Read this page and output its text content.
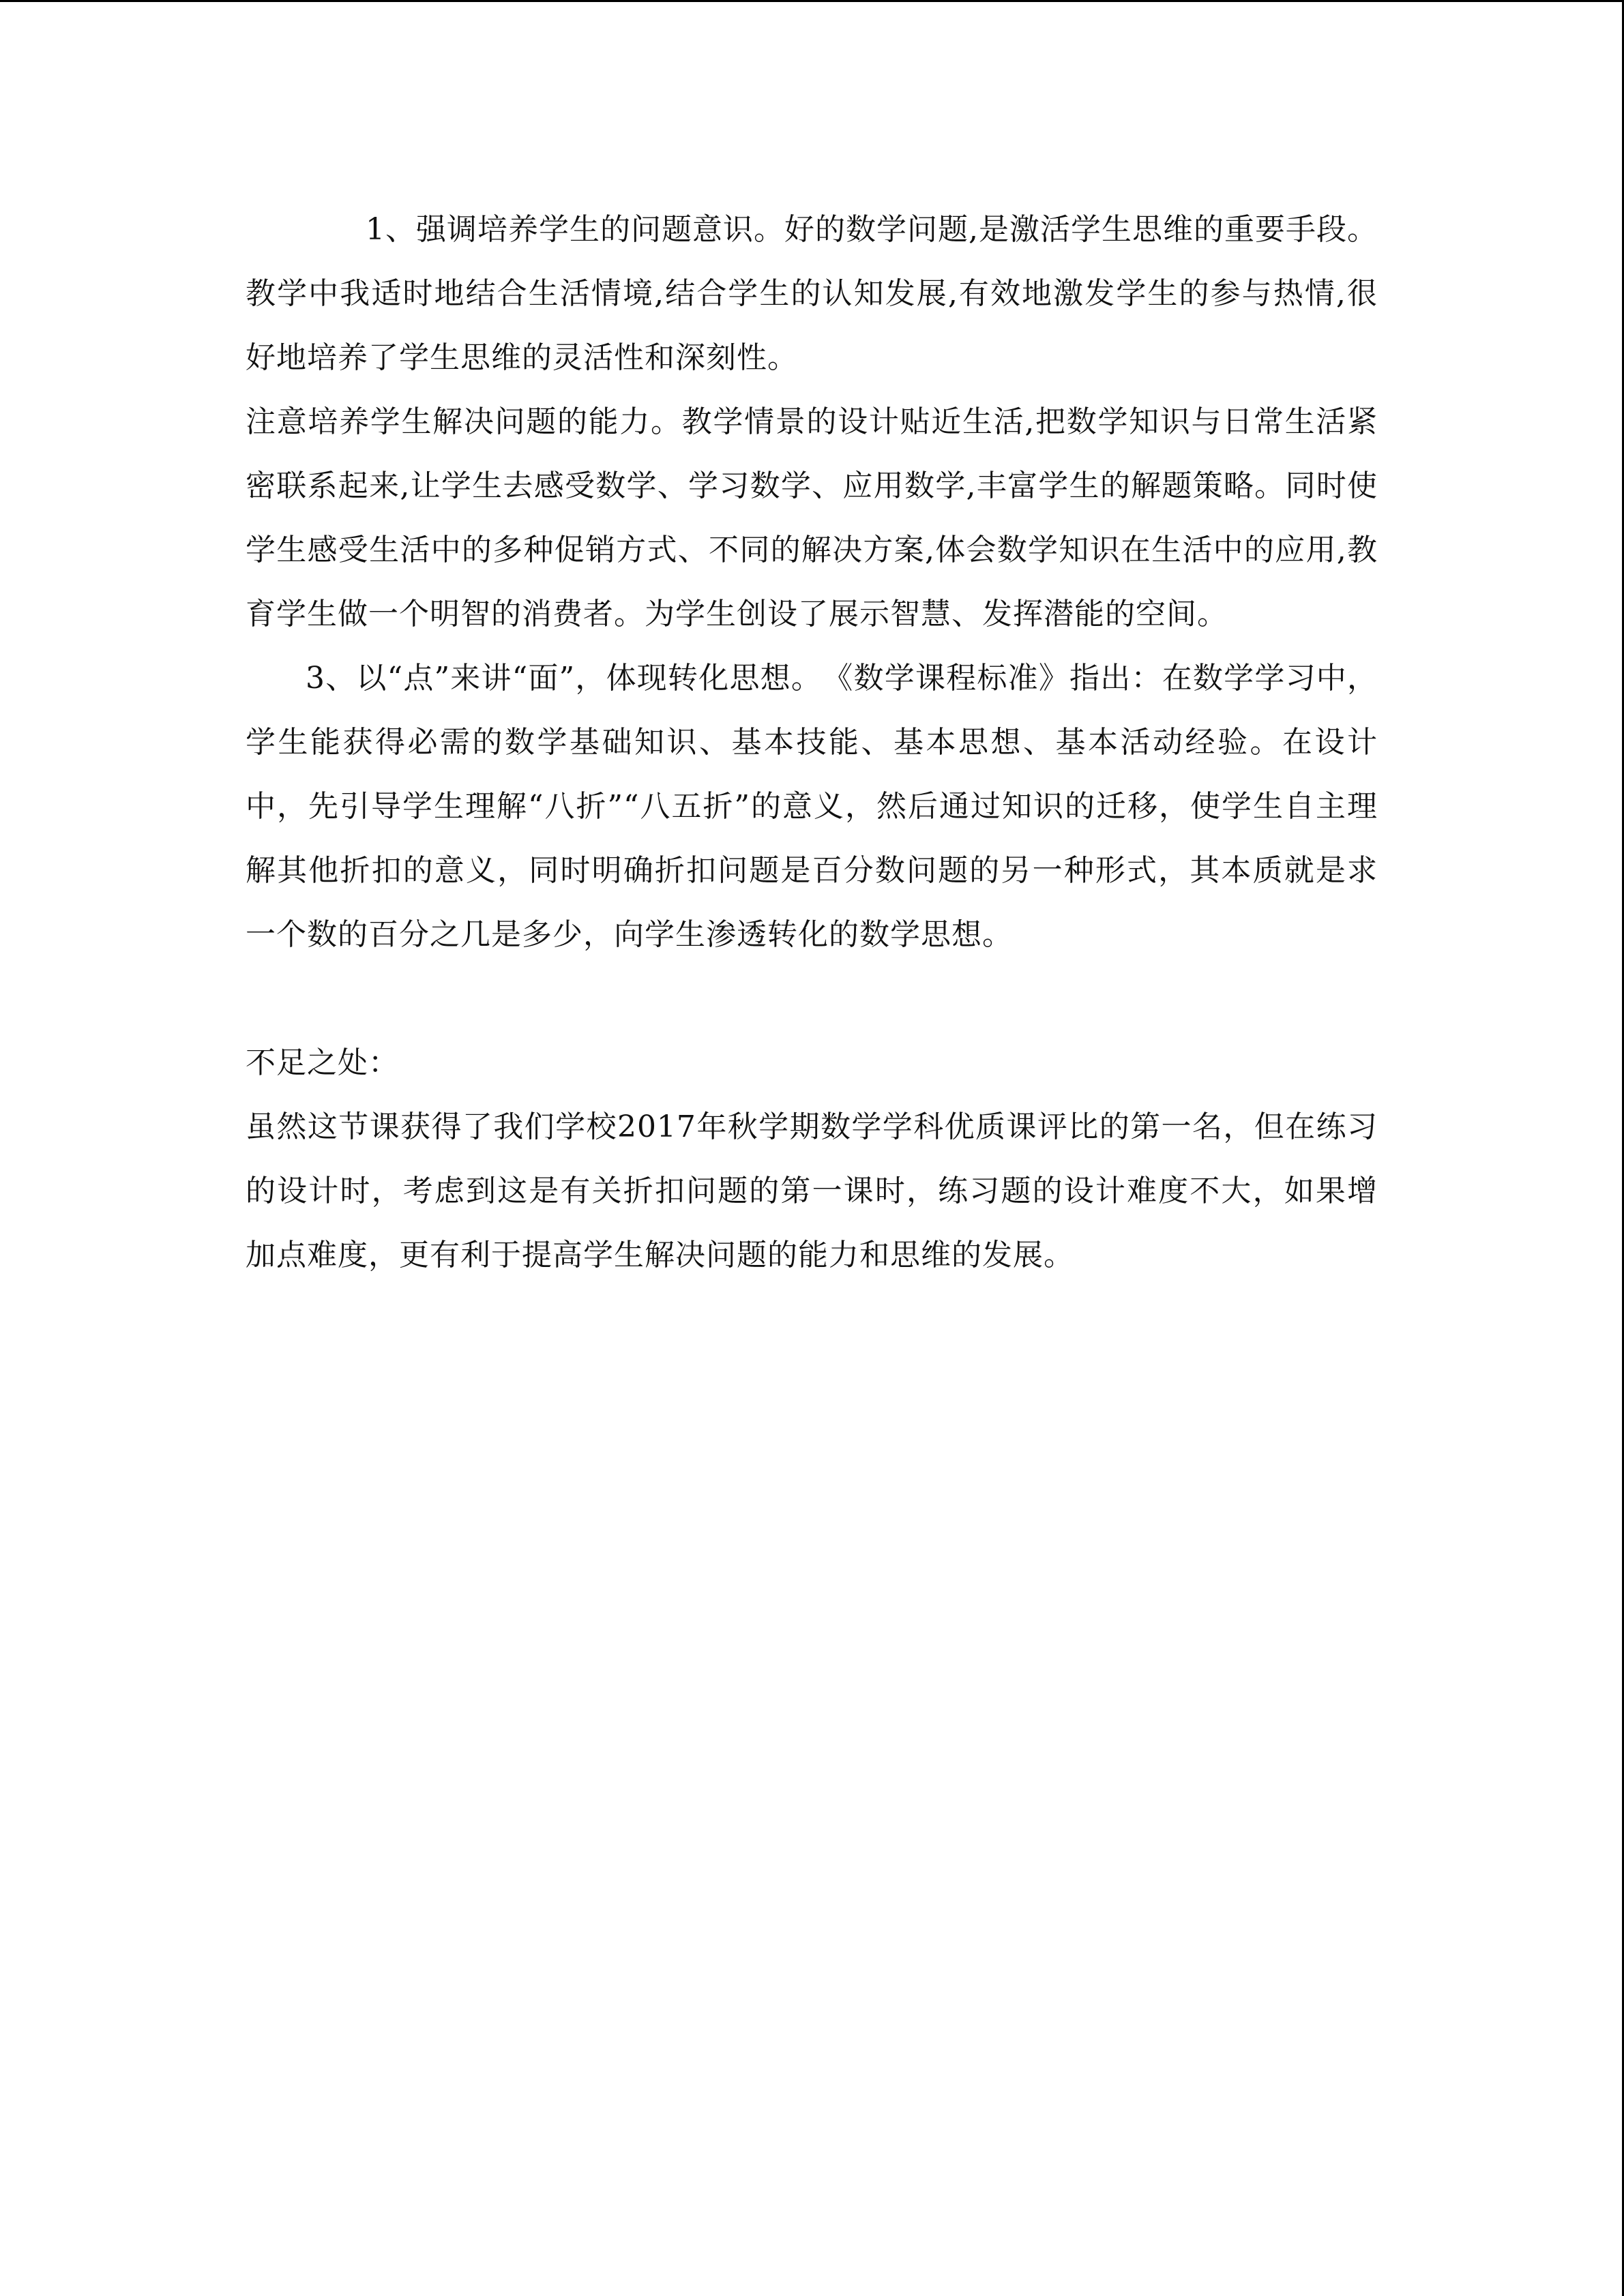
1、强调培养学生的问题意识。好的数学问题,是激活学生思维的重要手段。教学中我适时地结合生活情境,结合学生的认知发展,有效地激发学生的参与热情,很好地培养了学生思维的灵活性和深刻性。

注意培养学生解决问题的能力。教学情景的设计贴近生活,把数学知识与日常生活紧密联系起来,让学生去感受数学、学习数学、应用数学,丰富学生的解题策略。同时使学生感受生活中的多种促销方式、不同的解决方案,体会数学知识在生活中的应用,教育学生做一个明智的消费者。为学生创设了展示智慧、发挥潜能的空间。

3、以“点”来讲“面”，体现转化思想。　《数学课程标准》指出：在数学学习中，学生能获得必需的数学基础知识、基本技能、基本思想、基本活动经验。在设计中，先引导学生理解“八折”“八五折”的意义，然后通过知识的迁移，使学生自主理解其他折扣的意义，同时明确折扣问题是百分数问题的另一种形式，其本质就是求一个数的百分之几是多少，向学生渗透转化的数学思想。

不足之处：

虽然这节课获得了我们学校2017年秋学期数学学科优质课评比的第一名，但在练习的设计时，考虑到这是有关折扣问题的第一课时，练习题的设计难度不大，如果增加点难度，更有利于提高学生解决问题的能力和思维的发展。
